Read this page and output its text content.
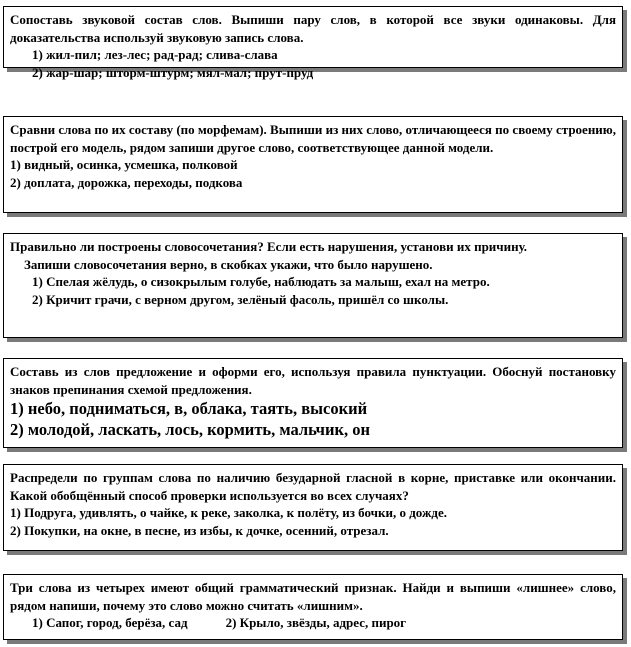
Сопоставь звуковой состав слов. Выпиши пару слов, в которой все звуки одинаковы. Для доказательства используй звуковую запись слова.
1) жил-пил; лез-лес; рад-рад; слива-слава
2) жар-шар; шторм-штурм; мял-мал; прут-пруд
Сравни слова по их составу (по морфемам). Выпиши из них слово, отличающееся по своему строению, построй его модель, рядом запиши другое слово, соответствующее данной модели.
1) видный, осинка, усмешка, полковой
2) доплата, дорожка, переходы, подкова
Правильно ли построены словосочетания? Если есть нарушения, установи их причину.
Запиши словосочетания верно, в скобках укажи, что было нарушено.
1) Спелая жёлудь, о сизокрылым голубе, наблюдать за малыш, ехал на метро.
2) Кричит грачи, с верном другом, зелёный фасоль, пришёл со школы.
Составь из слов предложение и оформи его, используя правила пунктуации. Обоснуй постановку знаков препинания схемой предложения.
1) небо, подниматься, в, облака, таять, высокий
2) молодой, ласкать, лось, кормить, мальчик, он
Распредели по группам слова по наличию безударной гласной в корне, приставке или окончании. Какой обобщённый способ проверки используется во всех случаях?
1) Подруга, удивлять, о чайке, к реке, заколка, к полёту, из бочки, о дожде.
2) Покупки, на окне, в песне, из избы, к дочке, осенний, отрезал.
Три слова из четырех имеют общий грамматический признак. Найди и выпиши «лишнее» слово, рядом напиши, почему это слово можно считать «лишним».
1) Сапог, город, берёза, сад	2) Крыло, звёзды, адрес, пирог
